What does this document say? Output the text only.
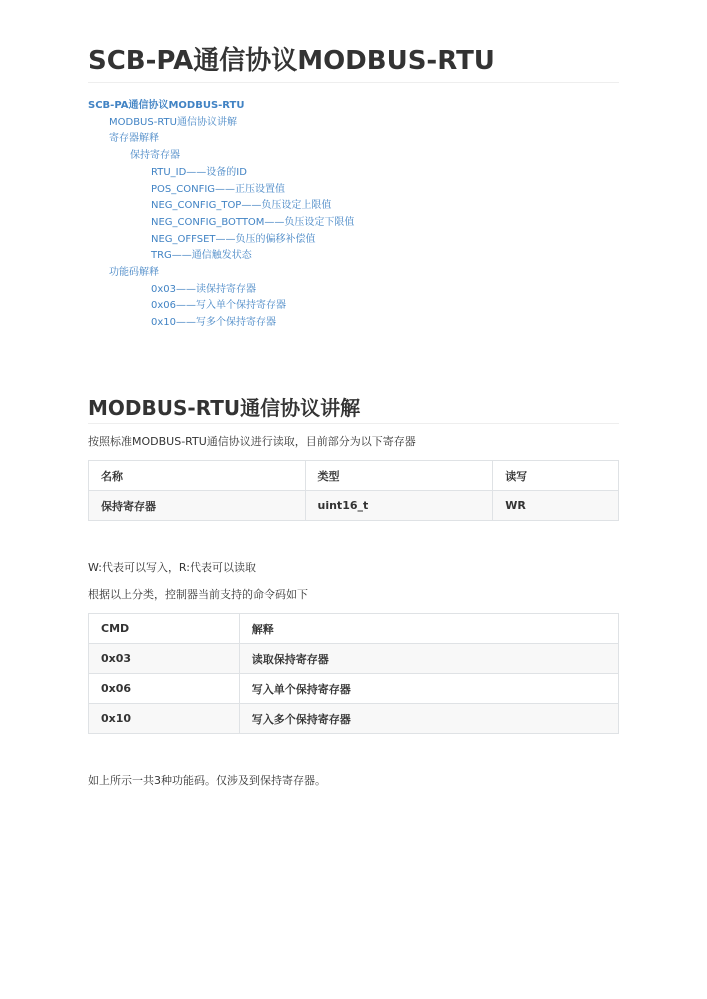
SCB-PA通信协议MODBUS-RTU
SCB-PA通信协议MODBUS-RTU
MODBUS-RTU通信协议讲解
寄存器解释
保持寄存器
RTU_ID——设备的ID
POS_CONFIG——正压设置值
NEG_CONFIG_TOP——负压设定上限值
NEG_CONFIG_BOTTOM——负压设定下限值
NEG_OFFSET——负压的偏移补偿值
TRG——通信触发状态
功能码解释
0x03——读保持寄存器
0x06——写入单个保持寄存器
0x10——写多个保持寄存器
MODBUS-RTU通信协议讲解

按照标准MODBUS-RTU通信协议进行读取，目前部分为以下寄存器

名称	类型	读写
保持寄存器	uint16_t	WR

W:代表可以写入，R:代表可以读取

根据以上分类，控制器当前支持的命令码如下

CMD	解释
0x03	读取保持寄存器
0x06	写入单个保持寄存器
0x10	写入多个保持寄存器

如上所示一共3种功能码。仅涉及到保持寄存器。
